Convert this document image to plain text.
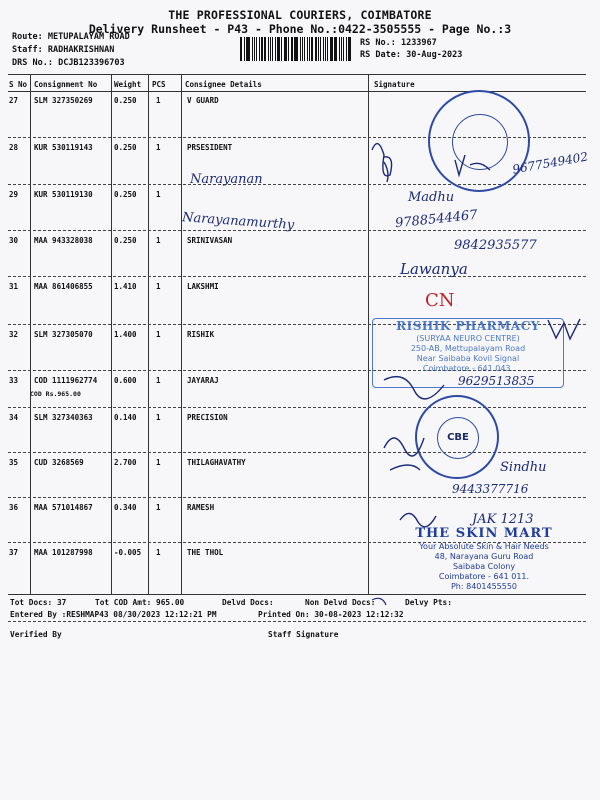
THE PROFESSIONAL COURIERS, COIMBATORE
Delivery Runsheet - P43 - Phone No.:0422-3505555 - Page No.:3
Route: METUPALAYAM ROAD
Staff: RADHAKRISHNAN
DRS No.: DCJB123396703
RS No.: 1233967
RS Date: 30-Aug-2023
S No Consignment No Weight PCS	Consignee Details	Signature
27 SLM 327350269	0.250	1	V GUARD
28 KUR 530119143	0.250	1	PRSESIDENT
29 KUR 530119130	0.250	1
30 MAA 943328038	0.250	1	SRINIVASAN
31 MAA 861406855	1.410	1	LAKSHMI
32 SLM 327305070	1.400	1	RISHIK
33 COD 1111962774 0.600	1	JAYARAJ
COD Rs.965.00
34 SLM 327340363	0.140	1	PRECISION
35 CUD 3268569	2.700	1	THILAGHAVATHY
36 MAA 571014867	0.340	1	RAMESH
37 MAA 101287998	-0.005 1	THE THOL
RISHIK PHARMACY
(SURYAA NEURO CENTRE)
250-AB, Mettupalayam Road
Near Saibaba Kovil Signal
Coimbatore - 641 043.
CBE
THE SKIN MART
Your Absolute Skin & Hair Needs
48, Narayana Guru Road
Saibaba Colony
Coimbatore - 641 011.
Ph: 8401455550
Narayanan
9677549402
Narayanamurthy
Madhu
9788544467
9842935577
Lawanya
CN
9629513835
Sindhu
9443377716
JAK 1213
Tot Docs: 37	Tot COD Amt: 965.00	Delvd Docs:	Non Delvd Docs:	Delvy Pts:
Entered By :RESHMAP43 08/30/2023 12:12:21 PM	Printed On: 30-08-2023 12:12:32
Verified By	Staff Signature
